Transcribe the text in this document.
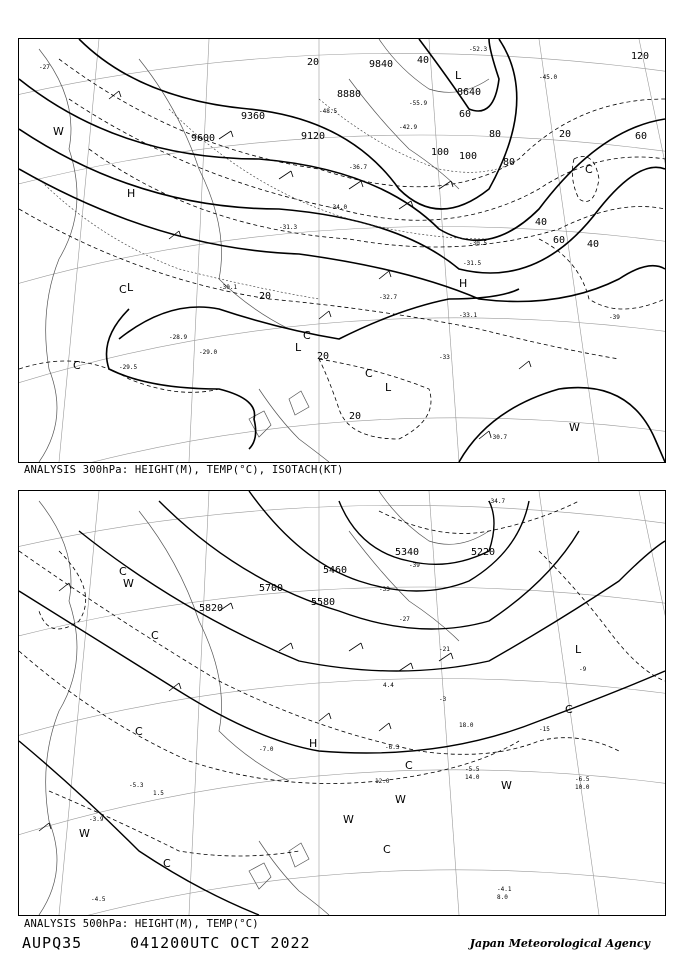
9360
9120
9600
8880	8640
9840
20	40
60
80
100
120
40
20	60
20
20
20
40
60
80
100
-27
-28.9
-29.0
-29.5
-30.1
-31.3
-32.7
-33.1
-34.0
-36.7
-42.9
-45.0
-48.5
-52.3
-55.9
-31.5
-30.5
-30.7
-33
-39
L
L
L
L
H
H
W
W
C
C
C
C
C
ANALYSIS 300hPa: HEIGHT(M), TEMP(°C), ISOTACH(KT)
5820
5700
5580
5460
5340	5220
-3
-9
-15
-21
-27
-33
-39
-34.7
-5.5
-6.5
-4.1
-3.9
-4.5
-5.3
-6.3
-7.0
14.0
10.0
8.0
18.0
12.0
1.5
4.4
H
L
W
W
W
W
W
C
C
C
C
C
C
C
ANALYSIS 500hPa: HEIGHT(M), TEMP(°C)
AUPQ35	041200UTC OCT 2022	Japan Meteorological Agency
